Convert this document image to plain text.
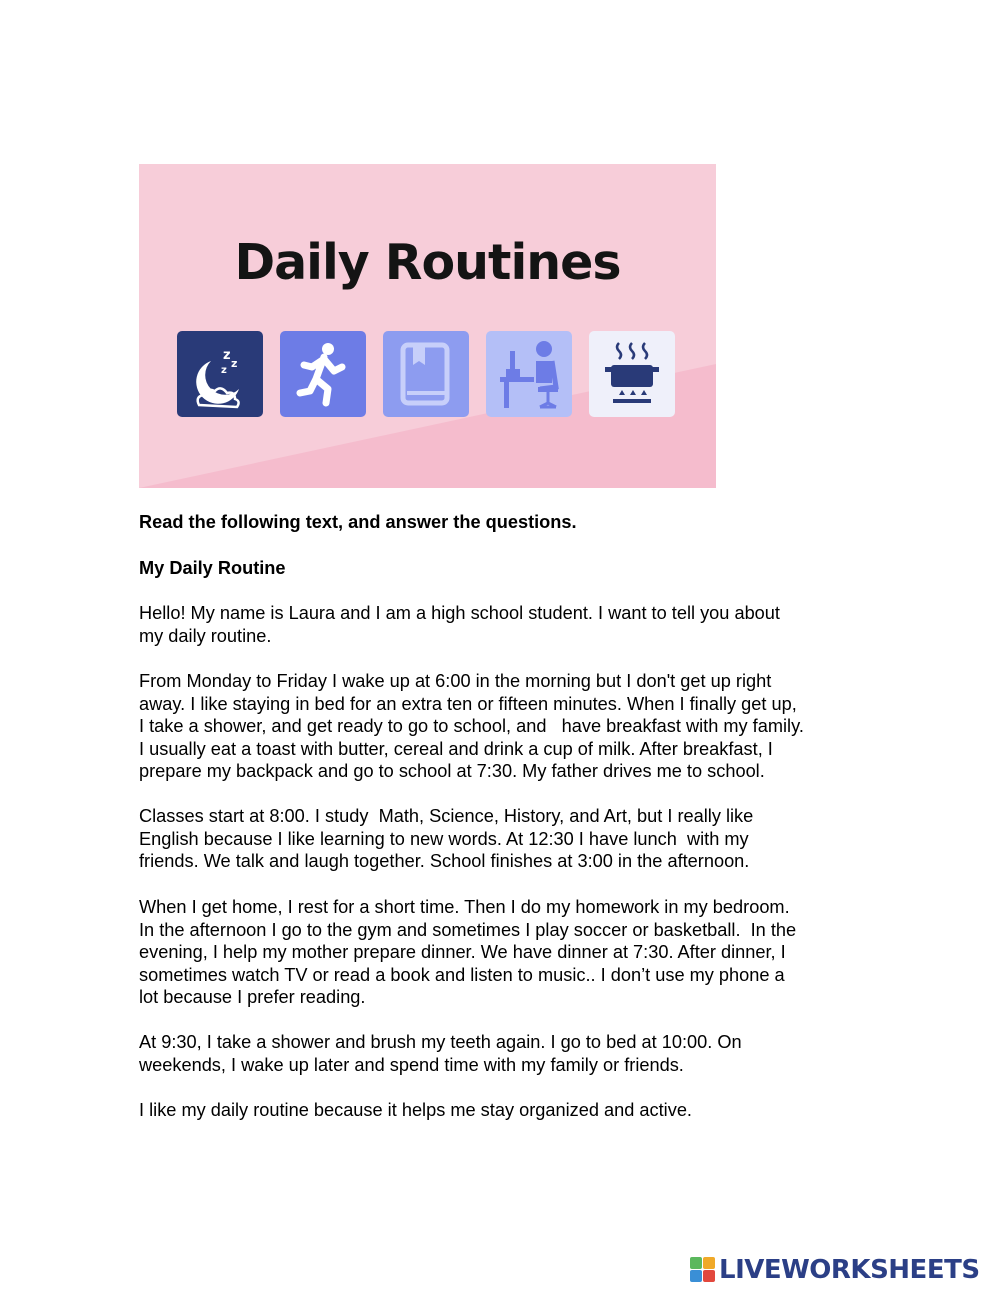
Daily Routines
z
z
z
Read the following text, and answer the questions.
My Daily Routine
Hello! My name is Laura and I am a high school student. I want to tell you about
my daily routine.
From Monday to Friday I wake up at 6:00 in the morning but I don't get up right
away. I like staying in bed for an extra ten or fifteen minutes. When I finally get up,
I take a shower, and get ready to go to school, and   have breakfast with my family.
I usually eat a toast with butter, cereal and drink a cup of milk. After breakfast, I
prepare my backpack and go to school at 7:30. My father drives me to school.
Classes start at 8:00. I study  Math, Science, History, and Art, but I really like
English because I like learning to new words. At 12:30 I have lunch  with my
friends. We talk and laugh together. School finishes at 3:00 in the afternoon.
When I get home, I rest for a short time. Then I do my homework in my bedroom.
In the afternoon I go to the gym and sometimes I play soccer or basketball.  In the
evening, I help my mother prepare dinner. We have dinner at 7:30. After dinner, I
sometimes watch TV or read a book and listen to music.. I don’t use my phone a
lot because I prefer reading.
At 9:30, I take a shower and brush my teeth again. I go to bed at 10:00. On
weekends, I wake up later and spend time with my family or friends.
I like my daily routine because it helps me stay organized and active.
LIVEWORKSHEETS
